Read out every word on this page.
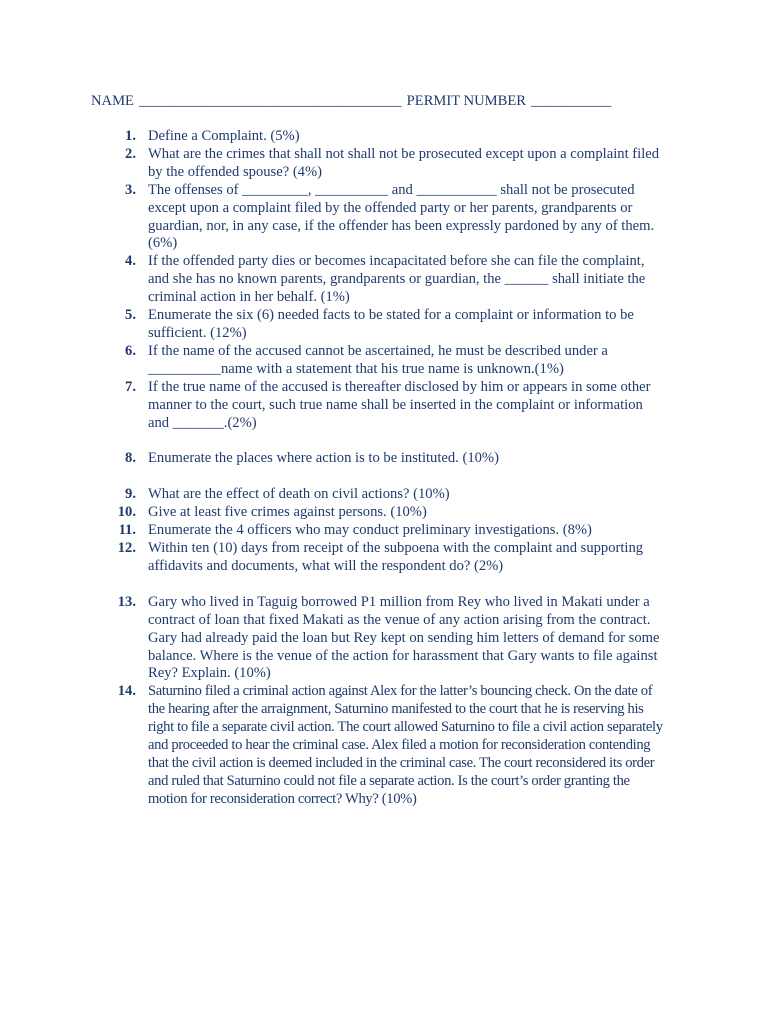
NAME ____________________________________ PERMIT NUMBER ___________
1. Define a Complaint. (5%)
2. What are the crimes that shall not shall not be prosecuted except upon a complaint filed by the offended spouse? (4%)
3. The offenses of _________, __________ and ___________ shall not be prosecuted except upon a complaint filed by the offended party or her parents, grandparents or guardian, nor, in any case, if the offender has been expressly pardoned by any of them. (6%)
4. If the offended party dies or becomes incapacitated before she can file the complaint, and she has no known parents, grandparents or guardian, the ______ shall initiate the criminal action in her behalf. (1%)
5. Enumerate the six (6) needed facts to be stated for a complaint or information to be sufficient. (12%)
6. If the name of the accused cannot be ascertained, he must be described under a __________name with a statement that his true name is unknown.(1%)
7. If the true name of the accused is thereafter disclosed by him or appears in some other manner to the court, such true name shall be inserted in the complaint or information and _______.(2%)
8. Enumerate the places where action is to be instituted. (10%)
9. What are the effect of death on civil actions? (10%)
10. Give at least five crimes against persons. (10%)
11. Enumerate the 4 officers who may conduct preliminary investigations. (8%)
12. Within ten (10) days from receipt of the subpoena with the complaint and supporting affidavits and documents, what will the respondent do? (2%)
13. Gary who lived in Taguig borrowed P1 million from Rey who lived in Makati under a contract of loan that fixed Makati as the venue of any action arising from the contract. Gary had already paid the loan but Rey kept on sending him letters of demand for some balance. Where is the venue of the action for harassment that Gary wants to file against Rey? Explain. (10%)
14. Saturnino filed a criminal action against Alex for the latter’s bouncing check. On the date of the hearing after the arraignment, Saturnino manifested to the court that he is reserving his right to file a separate civil action. The court allowed Saturnino to file a civil action separately and proceeded to hear the criminal case. Alex filed a motion for reconsideration contending that the civil action is deemed included in the criminal case. The court reconsidered its order and ruled that Saturnino could not file a separate action. Is the court’s order granting the motion for reconsideration correct? Why? (10%)
